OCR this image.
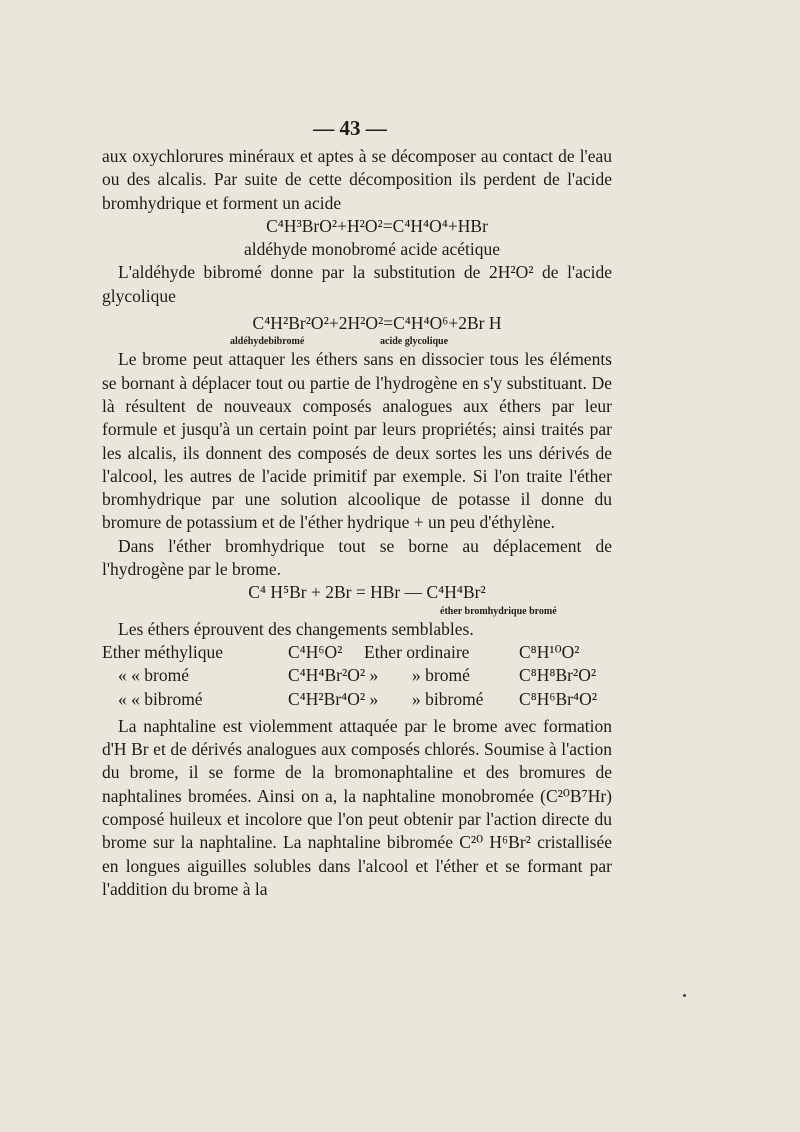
— 43 —

aux oxychlorures minéraux et aptes à se décomposer au contact de l'eau ou des alcalis. Par suite de cette décomposition ils perdent de l'acide bromhydrique et forment un acide

C⁴H³BrO²+H²O²=C⁴H⁴O⁴+HBr

aldéhyde monobromé acide acétique

L'aldéhyde bibromé donne par la substitution de 2H²O² de l'acide glycolique

C⁴H²Br²O²+2H²O²=C⁴H⁴O⁶+2Br H

aldéhydebibromé	acide glycolique

Le brome peut attaquer les éthers sans en dissocier tous les éléments se bornant à déplacer tout ou partie de l'hydrogène en s'y substituant. De là résultent de nouveaux composés analogues aux éthers par leur formule et jusqu'à un certain point par leurs propriétés; ainsi traités par les alcalis, ils donnent des composés de deux sortes les uns dérivés de l'alcool, les autres de l'acide primitif par exemple. Si l'on traite l'éther bromhydrique par une solution alcoolique de potasse il donne du bromure de potassium et de l'éther hydrique + un peu d'éthylène.

Dans l'éther bromhydrique tout se borne au déplacement de l'hydrogène par le brome.

C⁴ H⁵Br + 2Br = HBr — C⁴H⁴Br²

éther bromhydrique bromé

Les éthers éprouvent des changements semblables.

Ether méthylique	C⁴H⁶O²	Ether ordinaire	C⁸H¹⁰O²
« « bromé	C⁴H⁴Br²O² »	» bromé	C⁸H⁸Br²O²
« « bibromé	C⁴H²Br⁴O² »	» bibromé	C⁸H⁶Br⁴O²

La naphtaline est violemment attaquée par le brome avec formation d'H Br et de dérivés analogues aux composés chlorés. Soumise à l'action du brome, il se forme de la bromonaphtaline et des bromures de naphtalines bromées. Ainsi on a, la naphtaline monobromée (C²⁰B⁷Hr) composé huileux et incolore que l'on peut obtenir par l'action directe du brome sur la naphtaline. La naphtaline bibromée C²⁰ H⁶Br² cristallisée en longues aiguilles solubles dans l'alcool et l'éther et se formant par l'addition du brome à la
